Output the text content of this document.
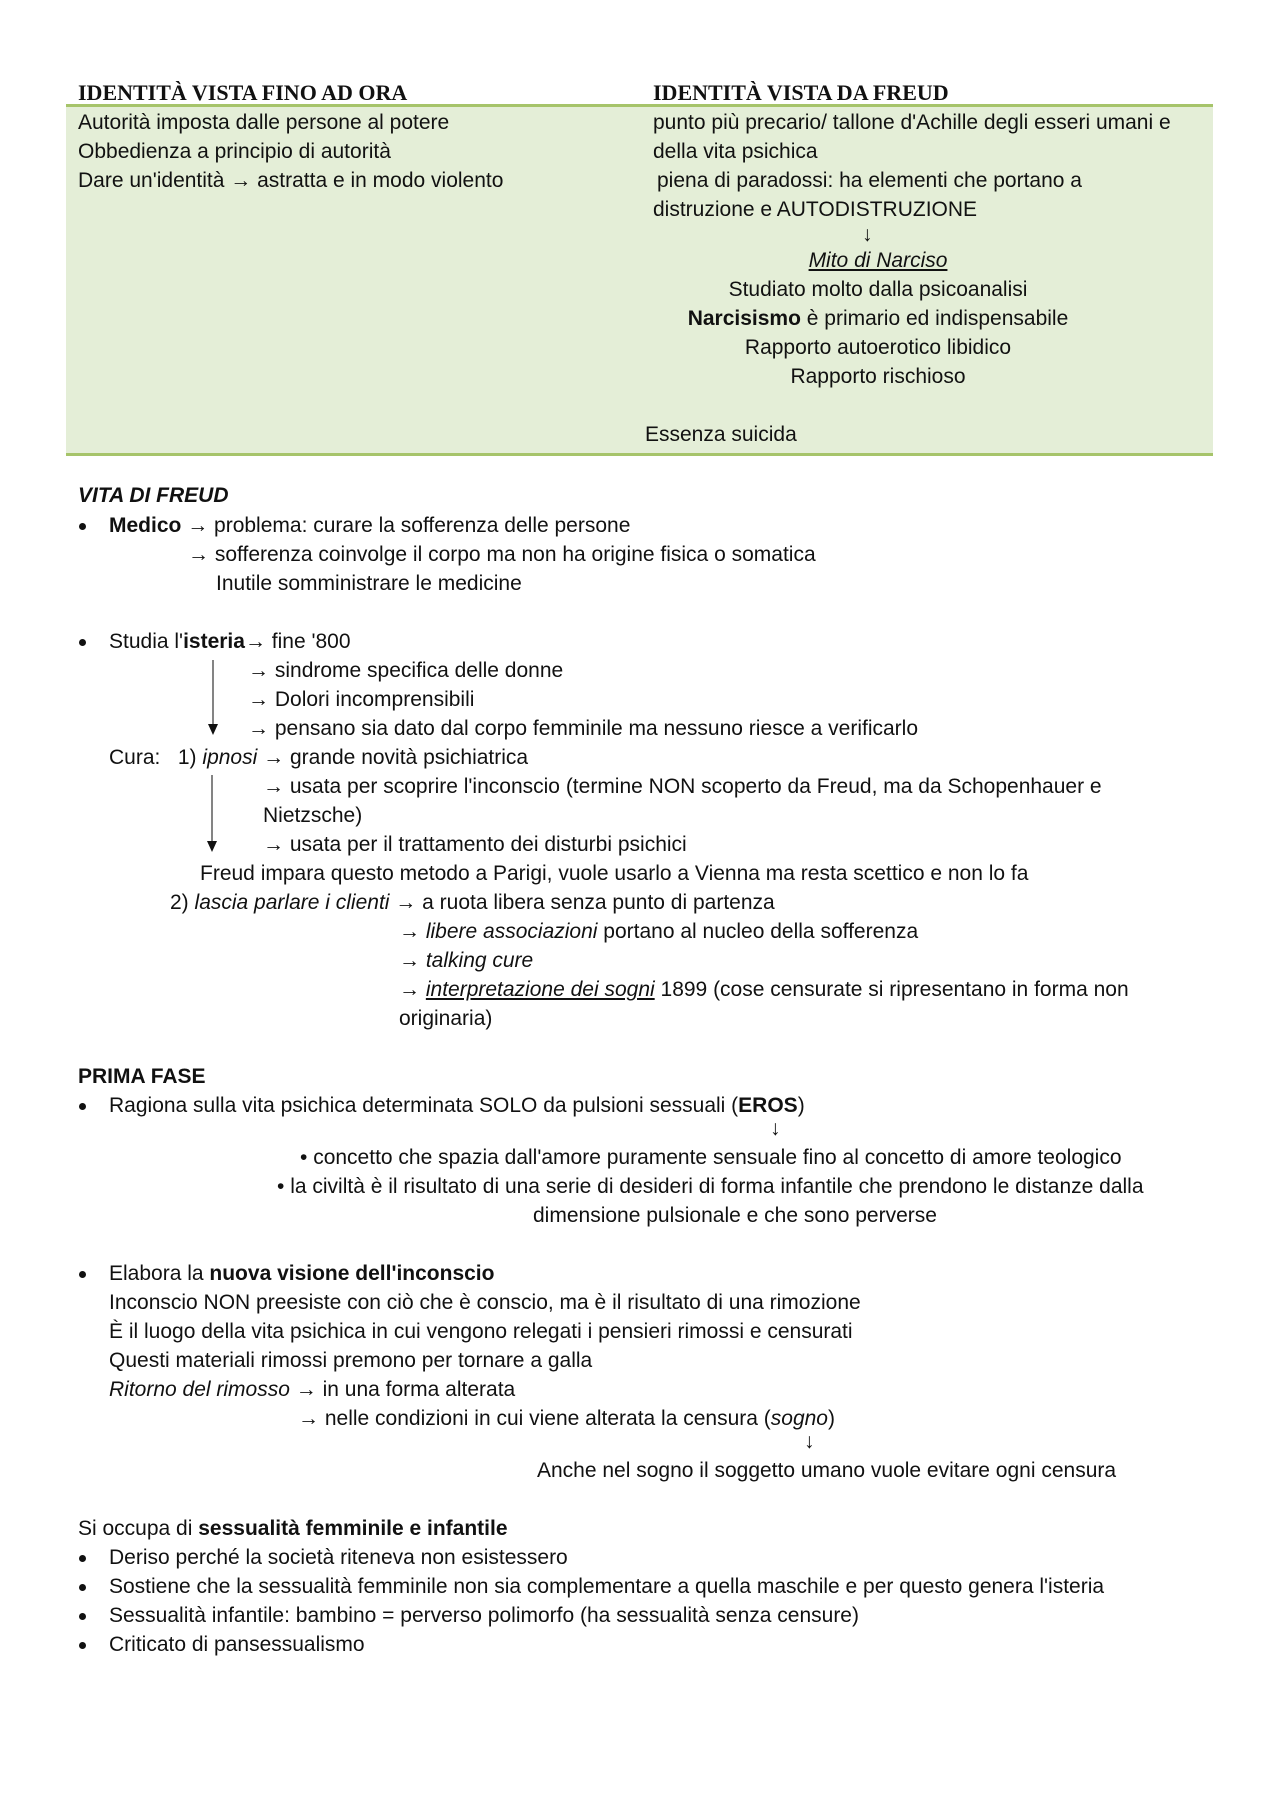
IDENTITÀ VISTA FINO AD ORA	IDENTITÀ VISTA DA FREUD
Autorità imposta dalle persone al potere
Obbedienza a principio di autorità
Dare un'identità → astratta e in modo violento
punto più precario/ tallone d'Achille degli esseri umani e
della vita psichica
piena di paradossi: ha elementi che portano a
distruzione e AUTODISTRUZIONE
↓
Mito di Narciso
Studiato molto dalla psicoanalisi
Narcisismo è primario ed indispensabile
Rapporto autoerotico libidico
Rapporto rischioso
Essenza suicida
VITA DI FREUD
Medico → problema: curare la sofferenza delle persone
→ sofferenza coinvolge il corpo ma non ha origine fisica o somatica
Inutile somministrare le medicine
Studia l'isteria→ fine '800
→ sindrome specifica delle donne
→ Dolori incomprensibili
→ pensano sia dato dal corpo femminile ma nessuno riesce a verificarlo
Cura: 1) ipnosi → grande novità psichiatrica
→ usata per scoprire l'inconscio (termine NON scoperto da Freud, ma da Schopenhauer e
Nietzsche)
→ usata per il trattamento dei disturbi psichici
Freud impara questo metodo a Parigi, vuole usarlo a Vienna ma resta scettico e non lo fa
2) lascia parlare i clienti → a ruota libera senza punto di partenza
→ libere associazioni portano al nucleo della sofferenza
→ talking cure
→ interpretazione dei sogni 1899 (cose censurate si ripresentano in forma non
originaria)
PRIMA FASE
Ragiona sulla vita psichica determinata SOLO da pulsioni sessuali (EROS)
↓
• concetto che spazia dall'amore puramente sensuale fino al concetto di amore teologico
• la civiltà è il risultato di una serie di desideri di forma infantile che prendono le distanze dalla
dimensione pulsionale e che sono perverse
Elabora la nuova visione dell'inconscio
Inconscio NON preesiste con ciò che è conscio, ma è il risultato di una rimozione
È il luogo della vita psichica in cui vengono relegati i pensieri rimossi e censurati
Questi materiali rimossi premono per tornare a galla
Ritorno del rimosso → in una forma alterata
→ nelle condizioni in cui viene alterata la censura (sogno)
↓
Anche nel sogno il soggetto umano vuole evitare ogni censura
Si occupa di sessualità femminile e infantile
Deriso perché la società riteneva non esistessero
Sostiene che la sessualità femminile non sia complementare a quella maschile e per questo genera l'isteria
Sessualità infantile: bambino = perverso polimorfo (ha sessualità senza censure)
Criticato di pansessualismo
